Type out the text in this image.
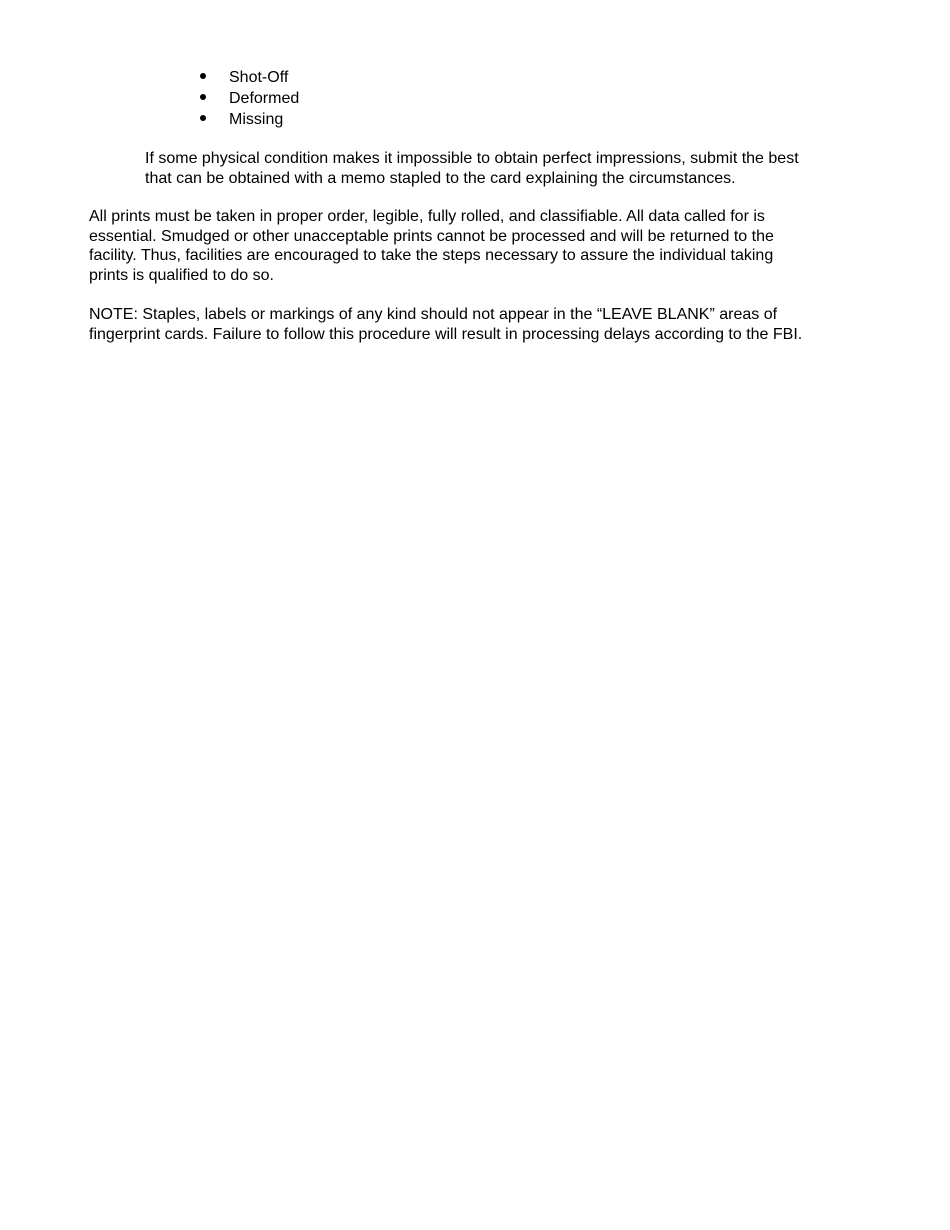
Shot-Off
Deformed
Missing

If some physical condition makes it impossible to obtain perfect impressions, submit the best
that can be obtained with a memo stapled to the card explaining the circumstances.

All prints must be taken in proper order, legible, fully rolled, and classifiable. All data called for is
essential. Smudged or other unacceptable prints cannot be processed and will be returned to the
facility. Thus, facilities are encouraged to take the steps necessary to assure the individual taking
prints is qualified to do so.

NOTE: Staples, labels or markings of any kind should not appear in the “LEAVE BLANK” areas of
fingerprint cards. Failure to follow this procedure will result in processing delays according to the FBI.
